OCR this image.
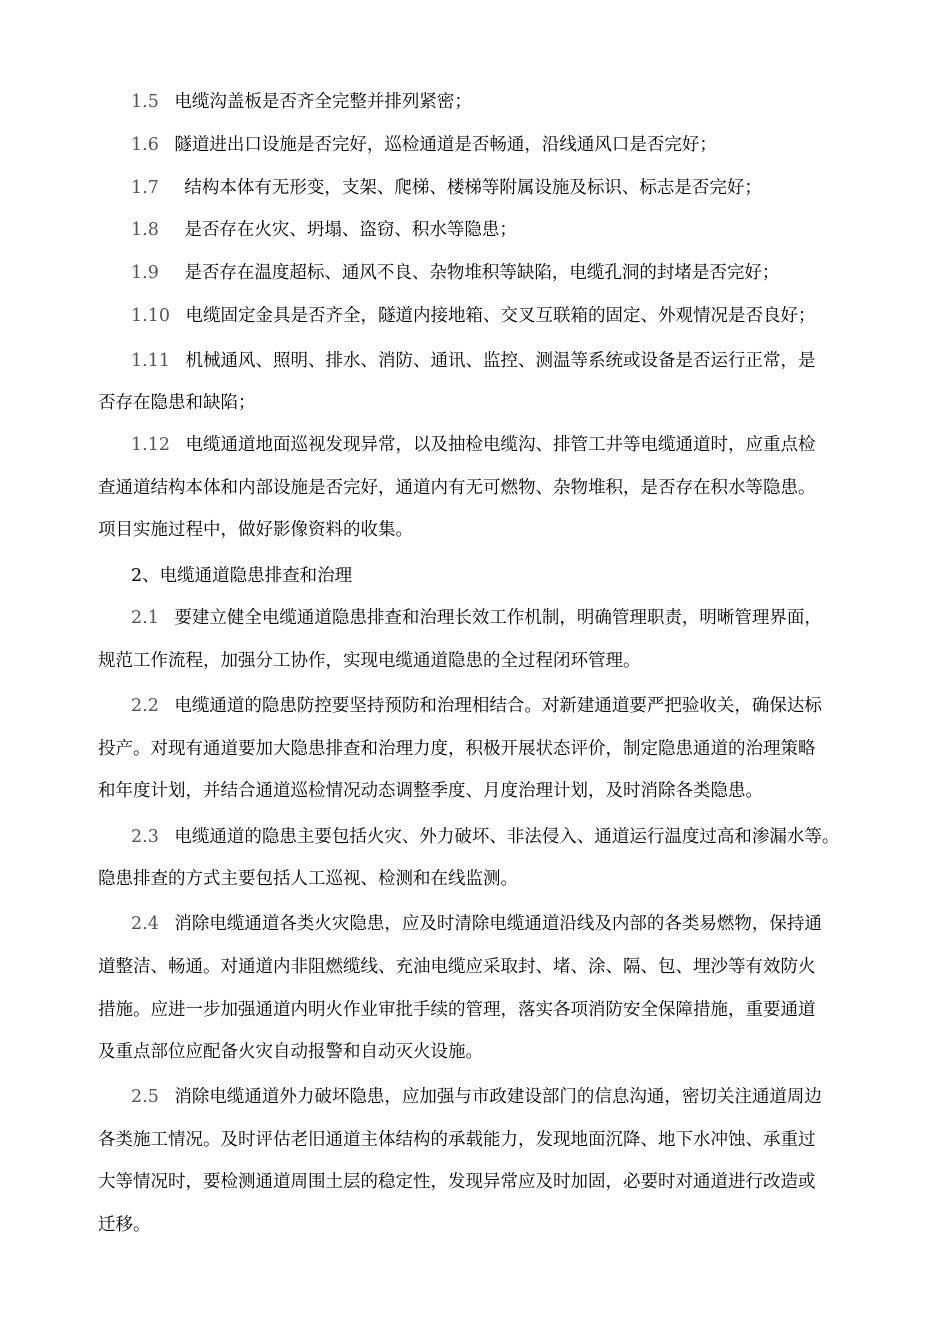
1.5 电缆沟盖板是否齐全完整并排列紧密；
1.6 隧道进出口设施是否完好，巡检通道是否畅通，沿线通风口是否完好；
1.7 结构本体有无形变，支架、爬梯、楼梯等附属设施及标识、标志是否完好；
1.8 是否存在火灾、坍塌、盗窃、积水等隐患；
1.9 是否存在温度超标、通风不良、杂物堆积等缺陷，电缆孔洞的封堵是否完好；
1.10 电缆固定金具是否齐全，隧道内接地箱、交叉互联箱的固定、外观情况是否良好；
1.11 机械通风、照明、排水、消防、通讯、监控、测温等系统或设备是否运行正常，是
否存在隐患和缺陷；
1.12 电缆通道地面巡视发现异常，以及抽检电缆沟、排管工井等电缆通道时，应重点检
查通道结构本体和内部设施是否完好，通道内有无可燃物、杂物堆积，是否存在积水等隐患。
项目实施过程中，做好影像资料的收集。
2、电缆通道隐患排查和治理
2.1 要建立健全电缆通道隐患排查和治理长效工作机制，明确管理职责，明晰管理界面，
规范工作流程，加强分工协作，实现电缆通道隐患的全过程闭环管理。
2.2 电缆通道的隐患防控要坚持预防和治理相结合。对新建通道要严把验收关，确保达标
投产。对现有通道要加大隐患排查和治理力度，积极开展状态评价，制定隐患通道的治理策略
和年度计划，并结合通道巡检情况动态调整季度、月度治理计划，及时消除各类隐患。
2.3 电缆通道的隐患主要包括火灾、外力破坏、非法侵入、通道运行温度过高和渗漏水等。
隐患排查的方式主要包括人工巡视、检测和在线监测。
2.4 消除电缆通道各类火灾隐患，应及时清除电缆通道沿线及内部的各类易燃物，保持通
道整洁、畅通。对通道内非阻燃缆线、充油电缆应采取封、堵、涂、隔、包、埋沙等有效防火
措施。应进一步加强通道内明火作业审批手续的管理，落实各项消防安全保障措施，重要通道
及重点部位应配备火灾自动报警和自动灭火设施。
2.5 消除电缆通道外力破坏隐患，应加强与市政建设部门的信息沟通，密切关注通道周边
各类施工情况。及时评估老旧通道主体结构的承载能力，发现地面沉降、地下水冲蚀、承重过
大等情况时，要检测通道周围土层的稳定性，发现异常应及时加固，必要时对通道进行改造或
迁移。
